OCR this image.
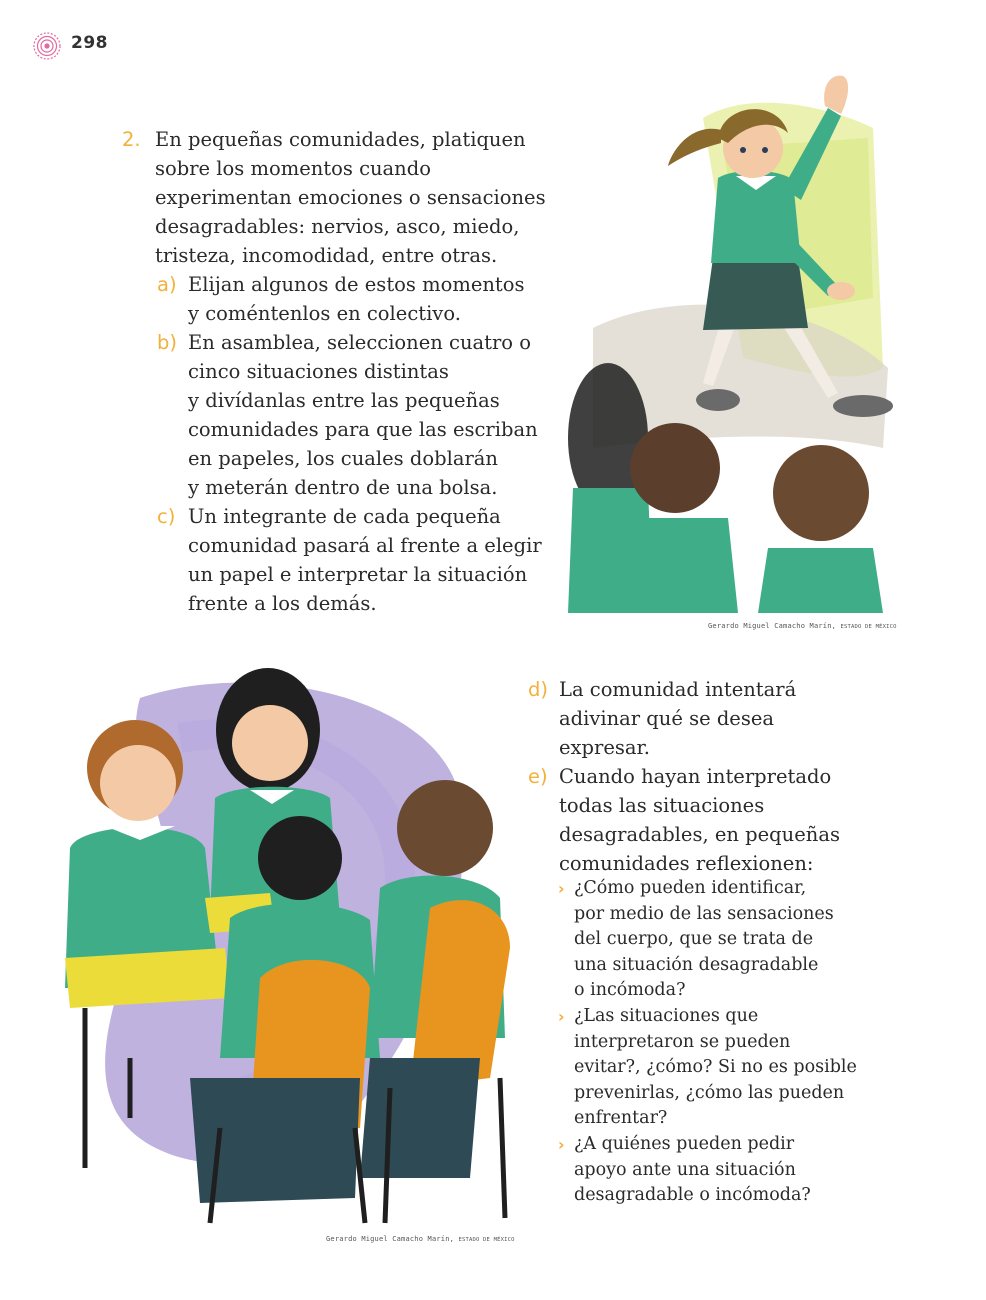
298
2. En pequeñas comunidades, platiquen
sobre los momentos cuando
experimentan emociones o sensaciones
desagradables: nervios, asco, miedo,
tristeza, incomodidad, entre otras.
a) Elijan algunos de estos momentos
y coméntenlos en colectivo.
b) En asamblea, seleccionen cuatro o
cinco situaciones distintas
y divídanlas entre las pequeñas
comunidades para que las escriban
en papeles, los cuales doblarán
y meterán dentro de una bolsa.
c) Un integrante de cada pequeña
comunidad pasará al frente a elegir
un papel e interpretar la situación
frente a los demás.
Gerardo Miguel Camacho Marín, ESTADO DE MÉXICO
Gerardo Miguel Camacho Marín, ESTADO DE MÉXICO
d) La comunidad intentará
adivinar qué se desea
expresar.
e) Cuando hayan interpretado
todas las situaciones
desagradables, en pequeñas
comunidades reflexionen:
› ¿Cómo pueden identificar,
por medio de las sensaciones
del cuerpo, que se trata de
una situación desagradable
o incómoda?
› ¿Las situaciones que
interpretaron se pueden
evitar?, ¿cómo? Si no es posible
prevenirlas, ¿cómo las pueden
enfrentar?
› ¿A quiénes pueden pedir
apoyo ante una situación
desagradable o incómoda?
